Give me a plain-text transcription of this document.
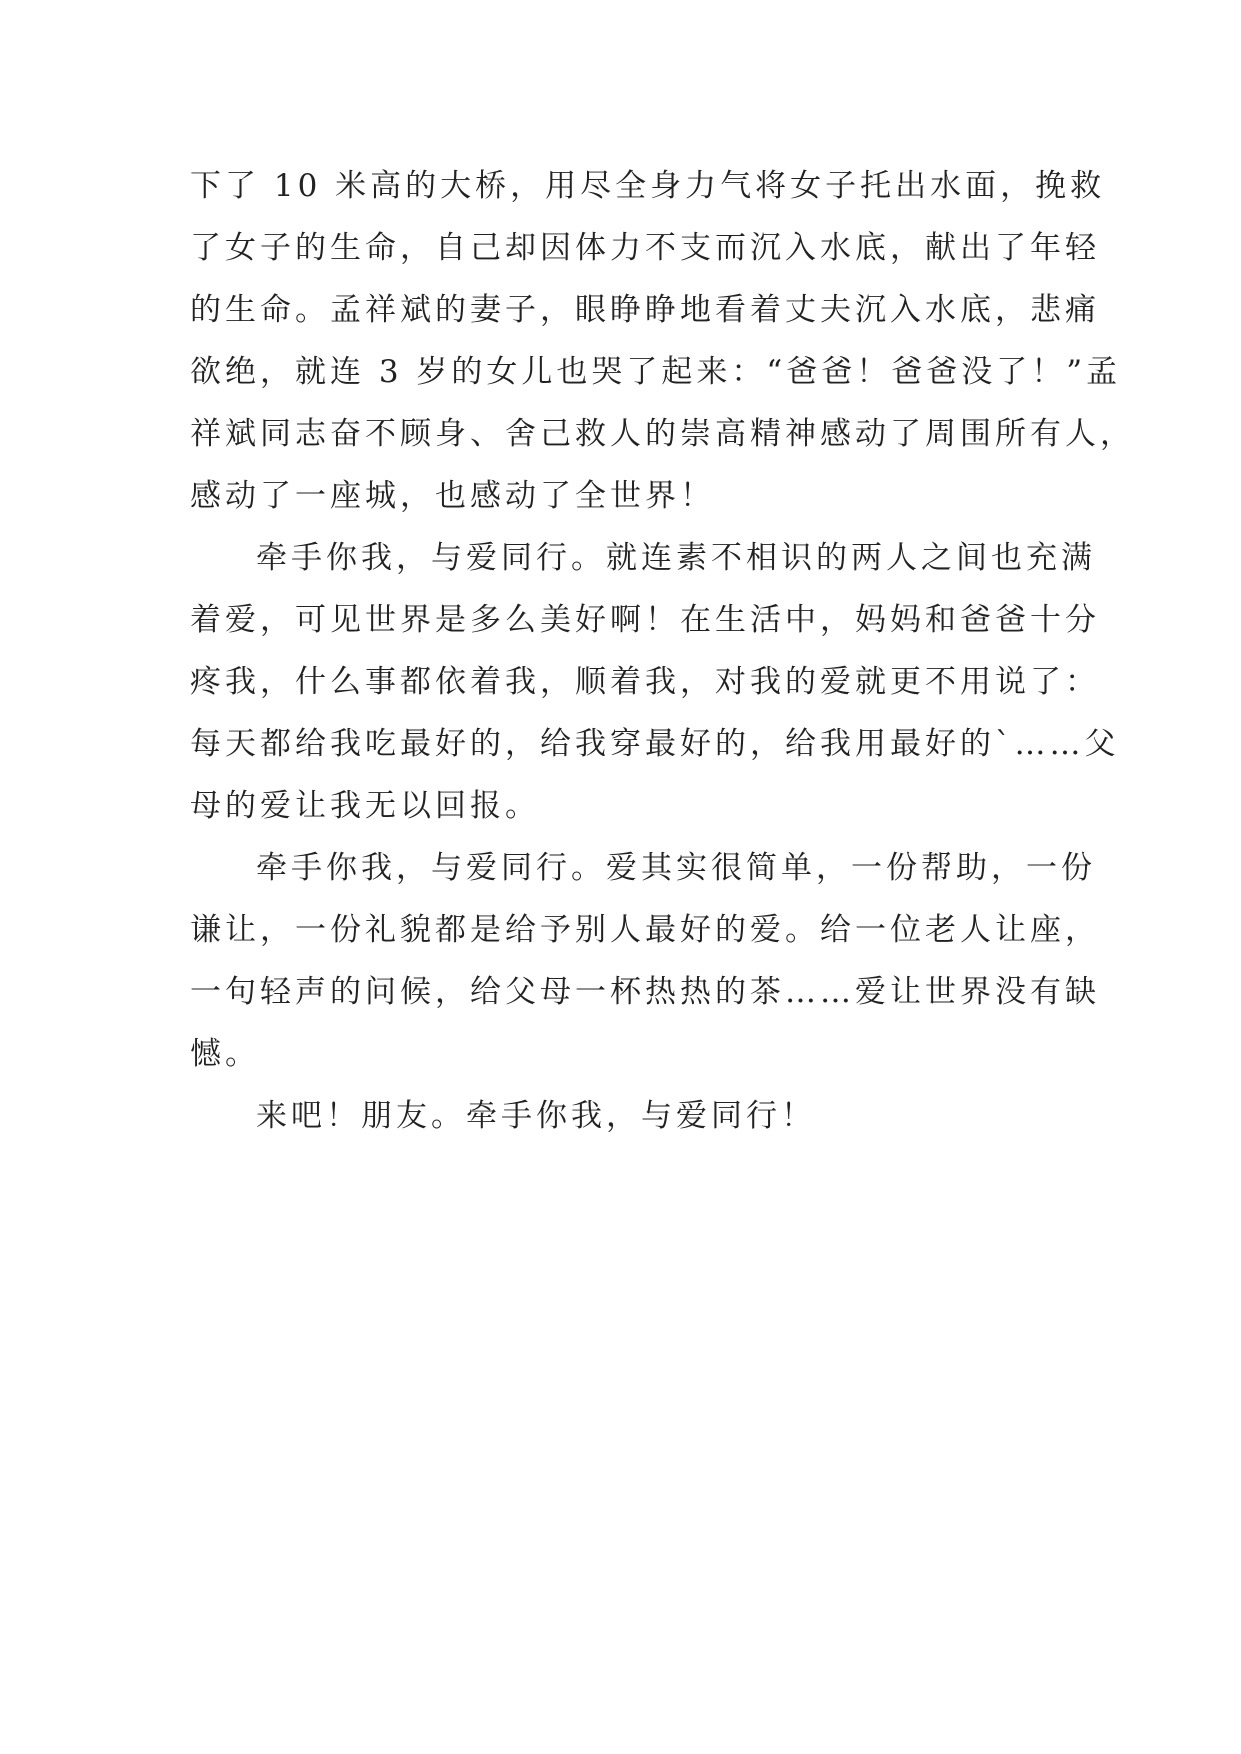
下了 10 米高的大桥，用尽全身力气将女子托出水面，挽救
了女子的生命，自己却因体力不支而沉入水底，献出了年轻
的生命。孟祥斌的妻子，眼睁睁地看着丈夫沉入水底，悲痛
欲绝，就连 3 岁的女儿也哭了起来：“爸爸！爸爸没了！”孟
祥斌同志奋不顾身、舍己救人的崇高精神感动了周围所有人，
感动了一座城，也感动了全世界！
牵手你我，与爱同行。就连素不相识的两人之间也充满
着爱，可见世界是多么美好啊！在生活中，妈妈和爸爸十分
疼我，什么事都依着我，顺着我，对我的爱就更不用说了：
每天都给我吃最好的，给我穿最好的，给我用最好的`……父
母的爱让我无以回报。
牵手你我，与爱同行。爱其实很简单，一份帮助，一份
谦让，一份礼貌都是给予别人最好的爱。给一位老人让座，
一句轻声的问候，给父母一杯热热的茶……爱让世界没有缺
憾。
来吧！朋友。牵手你我，与爱同行！
